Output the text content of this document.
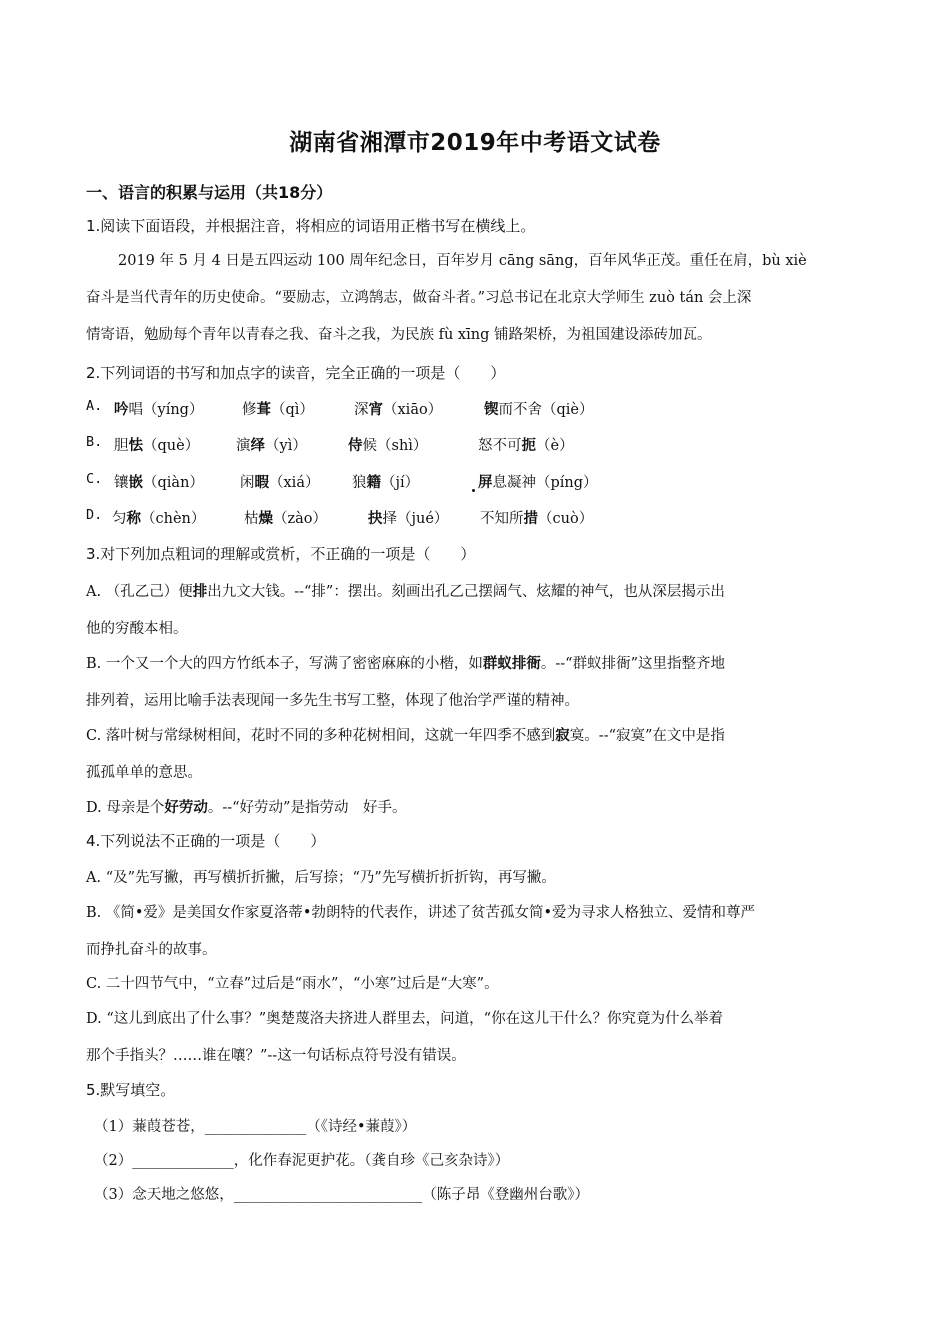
湖南省湘潭市2019年中考语文试卷
一、语言的积累与运用（共18分）
1.阅读下面语段，并根据注音，将相应的词语用正楷书写在横线上。

2019 年 5 月 4 日是五四运动 100 周年纪念日，百年岁月 cāng sāng，百年风华正茂。重任在肩，bù xiè

奋斗是当代青年的历史使命。“要励志，立鸿鹄志，做奋斗者。”习总书记在北京大学师生 zuò tán 会上深

情寄语，勉励每个青年以青春之我、奋斗之我，为民族 fù xīng 铺路架桥，为祖国建设添砖加瓦。

2.下列词语的书写和加点字的读音，完全正确的一项是（　　）
A. 吟唱（yíng）	修葺（qì）	深宵（xiāo）	锲而不舍（qiè）
B. 胆怯（què）	演绎（yì）	侍候（shì）	怒不可扼（è）
C. 镶嵌（qiàn） 闲暇（xiá） 狼籍（jí）	屏息凝神（píng）
D. 匀称（chèn）	枯燥（zào）	抉择（jué） 不知所措（cuò）
3.对下列加点粗词的理解或赏析，不正确的一项是（　　）
A. （孔乙己）便排出九文大钱。--“排”：摆出。刻画出孔乙己摆阔气、炫耀的神气，也从深层揭示出
他的穷酸本相。
B. 一个又一个大的四方竹纸本子，写满了密密麻麻的小楷，如群蚁排衙。--“群蚁排衙”这里指整齐地
排列着，运用比喻手法表现闻一多先生书写工整，体现了他治学严谨的精神。
C. 落叶树与常绿树相间，花时不同的多种花树相间，这就一年四季不感到寂寞。--“寂寞”在文中是指
孤孤单单的意思。
D. 母亲是个好劳动。--“好劳动”是指劳动　好手。
4.下列说法不正确的一项是（　　）
A. “及”先写撇，再写横折折撇，后写捺；“乃”先写横折折折钩，再写撇。
B. 《简•爱》是美国女作家夏洛蒂•勃朗特的代表作，讲述了贫苦孤女简•爱为寻求人格独立、爱情和尊严
而挣扎奋斗的故事。
C. 二十四节气中，“立春”过后是“雨水”，“小寒”过后是“大寒”。
D. “这儿到底出了什么事？”奥楚蔑洛夫挤进人群里去，问道，“你在这儿干什么？你究竟为什么举着
那个手指头？……谁在嚷？”--这一句话标点符号没有错误。
5.默写填空。
（1）蒹葭苍苍，______________（《诗经•蒹葭》）
（2）______________，化作春泥更护花。（龚自珍《己亥杂诗》）
（3）念天地之悠悠，__________________________（陈子昂《登幽州台歌》）
